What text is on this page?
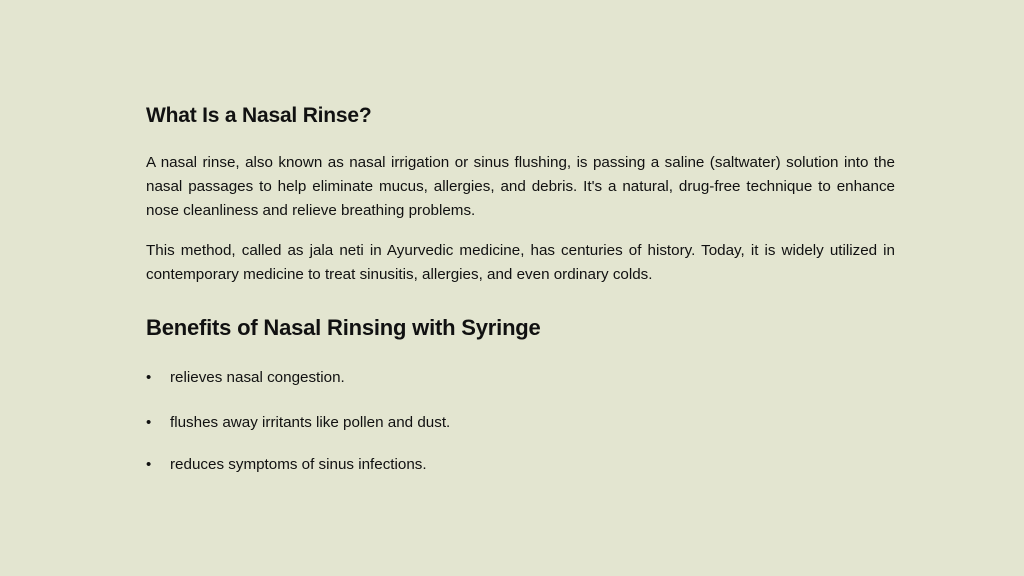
What Is a Nasal Rinse?

A nasal rinse, also known as nasal irrigation or sinus flushing, is passing a saline (saltwater) solution into the nasal passages to help eliminate mucus, allergies, and debris. It's a natural, drug-free technique to enhance nose cleanliness and relieve breathing problems.

This method, called as jala neti in Ayurvedic medicine, has centuries of history. Today, it is widely utilized in contemporary medicine to treat sinusitis, allergies, and even ordinary colds.

Benefits of Nasal Rinsing with Syringe
•	relieves nasal congestion.
•	flushes away irritants like pollen and dust.
•	reduces symptoms of sinus infections.
